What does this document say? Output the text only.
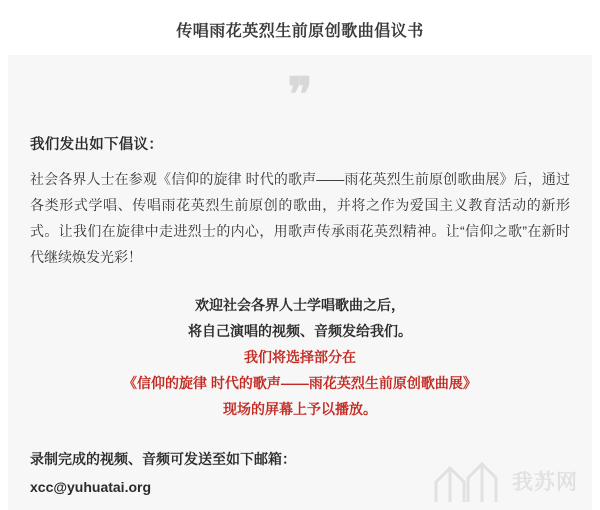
传唱雨花英烈生前原创歌曲倡议书
❞
我们发出如下倡议：

社会各界人士在参观《信仰的旋律 时代的歌声——雨花英烈生前原创歌曲展》后，通过各类形式学唱、传唱雨花英烈生前原创的歌曲，并将之作为爱国主义教育活动的新形式。让我们在旋律中走进烈士的内心，用歌声传承雨花英烈精神。让“信仰之歌”在新时代继续焕发光彩！

欢迎社会各界人士学唱歌曲之后，
将自己演唱的视频、音频发给我们。
我们将选择部分在
《信仰的旋律 时代的歌声——雨花英烈生前原创歌曲展》
现场的屏幕上予以播放。
录制完成的视频、音频可发送至如下邮箱：
xcc@yuhuatai.org	我苏网
